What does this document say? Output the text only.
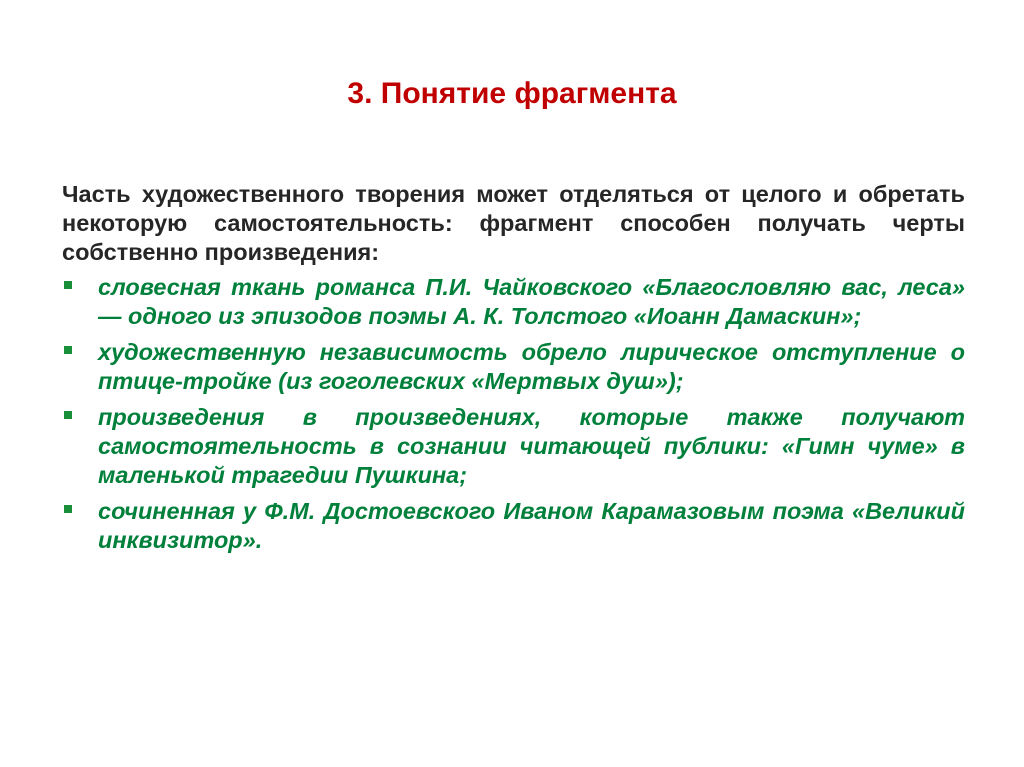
3. Понятие фрагмента

Часть художественного творения может отделяться от целого и обретать некоторую самостоятельность: фрагмент способен получать черты собственно произведения:

словесная ткань романса П.И. Чайковского «Благословляю вас, леса» — одного из эпизодов поэмы А. К. Толстого «Иоанн Дамаскин»;
художественную независимость обрело лирическое отступление о птице-тройке (из гоголевских «Мертвых душ»);
произведения в произведениях, которые также получают самостоятельность в сознании читающей публики: «Гимн чуме» в маленькой трагедии Пушкина;
сочиненная у Ф.М. Достоевского Иваном Карамазовым поэма «Великий инквизитор».
